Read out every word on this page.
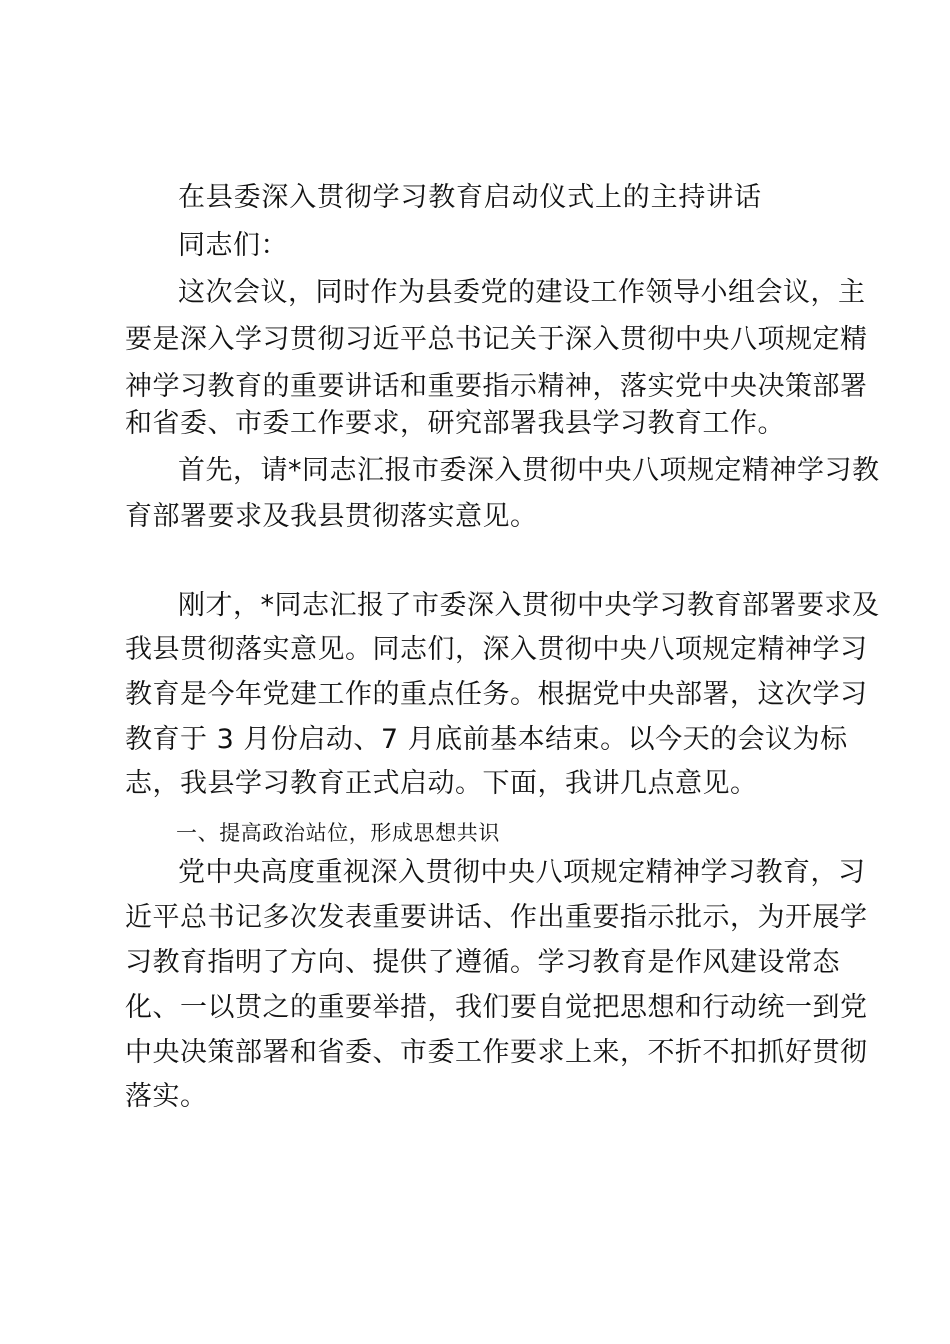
在县委深入贯彻学习教育启动仪式上的主持讲话
同志们：
这次会议，同时作为县委党的建设工作领导小组会议，主
要是深入学习贯彻习近平总书记关于深入贯彻中央八项规定精
神学习教育的重要讲话和重要指示精神，落实党中央决策部署
和省委、市委工作要求，研究部署我县学习教育工作。
首先，请*同志汇报市委深入贯彻中央八项规定精神学习教
育部署要求及我县贯彻落实意见。
刚才，*同志汇报了市委深入贯彻中央学习教育部署要求及
我县贯彻落实意见。同志们，深入贯彻中央八项规定精神学习
教育是今年党建工作的重点任务。根据党中央部署，这次学习
教育于 3 月份启动、7 月底前基本结束。以今天的会议为标
志，我县学习教育正式启动。下面，我讲几点意见。
一、提高政治站位，形成思想共识
党中央高度重视深入贯彻中央八项规定精神学习教育，习
近平总书记多次发表重要讲话、作出重要指示批示，为开展学
习教育指明了方向、提供了遵循。学习教育是作风建设常态
化、一以贯之的重要举措，我们要自觉把思想和行动统一到党
中央决策部署和省委、市委工作要求上来，不折不扣抓好贯彻
落实。
